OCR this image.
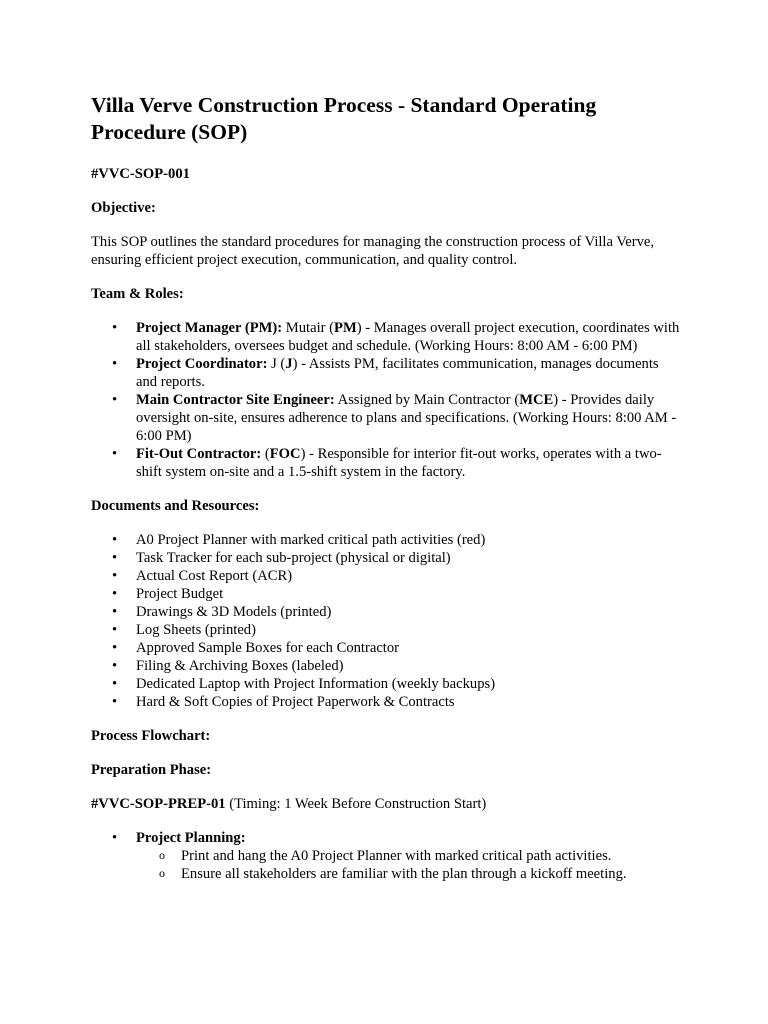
Villa Verve Construction Process - Standard Operating Procedure (SOP)

#VVC-SOP-001

Objective:

This SOP outlines the standard procedures for managing the construction process of Villa Verve, ensuring efficient project execution, communication, and quality control.

Team & Roles:

• Project Manager (PM): Mutair (PM) - Manages overall project execution, coordinates with all stakeholders, oversees budget and schedule. (Working Hours: 8:00 AM - 6:00 PM)
• Project Coordinator: J (J) - Assists PM, facilitates communication, manages documents and reports.
• Main Contractor Site Engineer: Assigned by Main Contractor (MCE) - Provides daily oversight on-site, ensures adherence to plans and specifications. (Working Hours: 8:00 AM - 6:00 PM)
• Fit-Out Contractor: (FOC) - Responsible for interior fit-out works, operates with a two-shift system on-site and a 1.5-shift system in the factory.

Documents and Resources:

• A0 Project Planner with marked critical path activities (red)
• Task Tracker for each sub-project (physical or digital)
• Actual Cost Report (ACR)
• Project Budget
• Drawings & 3D Models (printed)
• Log Sheets (printed)
• Approved Sample Boxes for each Contractor
• Filing & Archiving Boxes (labeled)
• Dedicated Laptop with Project Information (weekly backups)
• Hard & Soft Copies of Project Paperwork & Contracts

Process Flowchart:

Preparation Phase:

#VVC-SOP-PREP-01 (Timing: 1 Week Before Construction Start)

• Project Planning:
o Print and hang the A0 Project Planner with marked critical path activities.
o Ensure all stakeholders are familiar with the plan through a kickoff meeting.
